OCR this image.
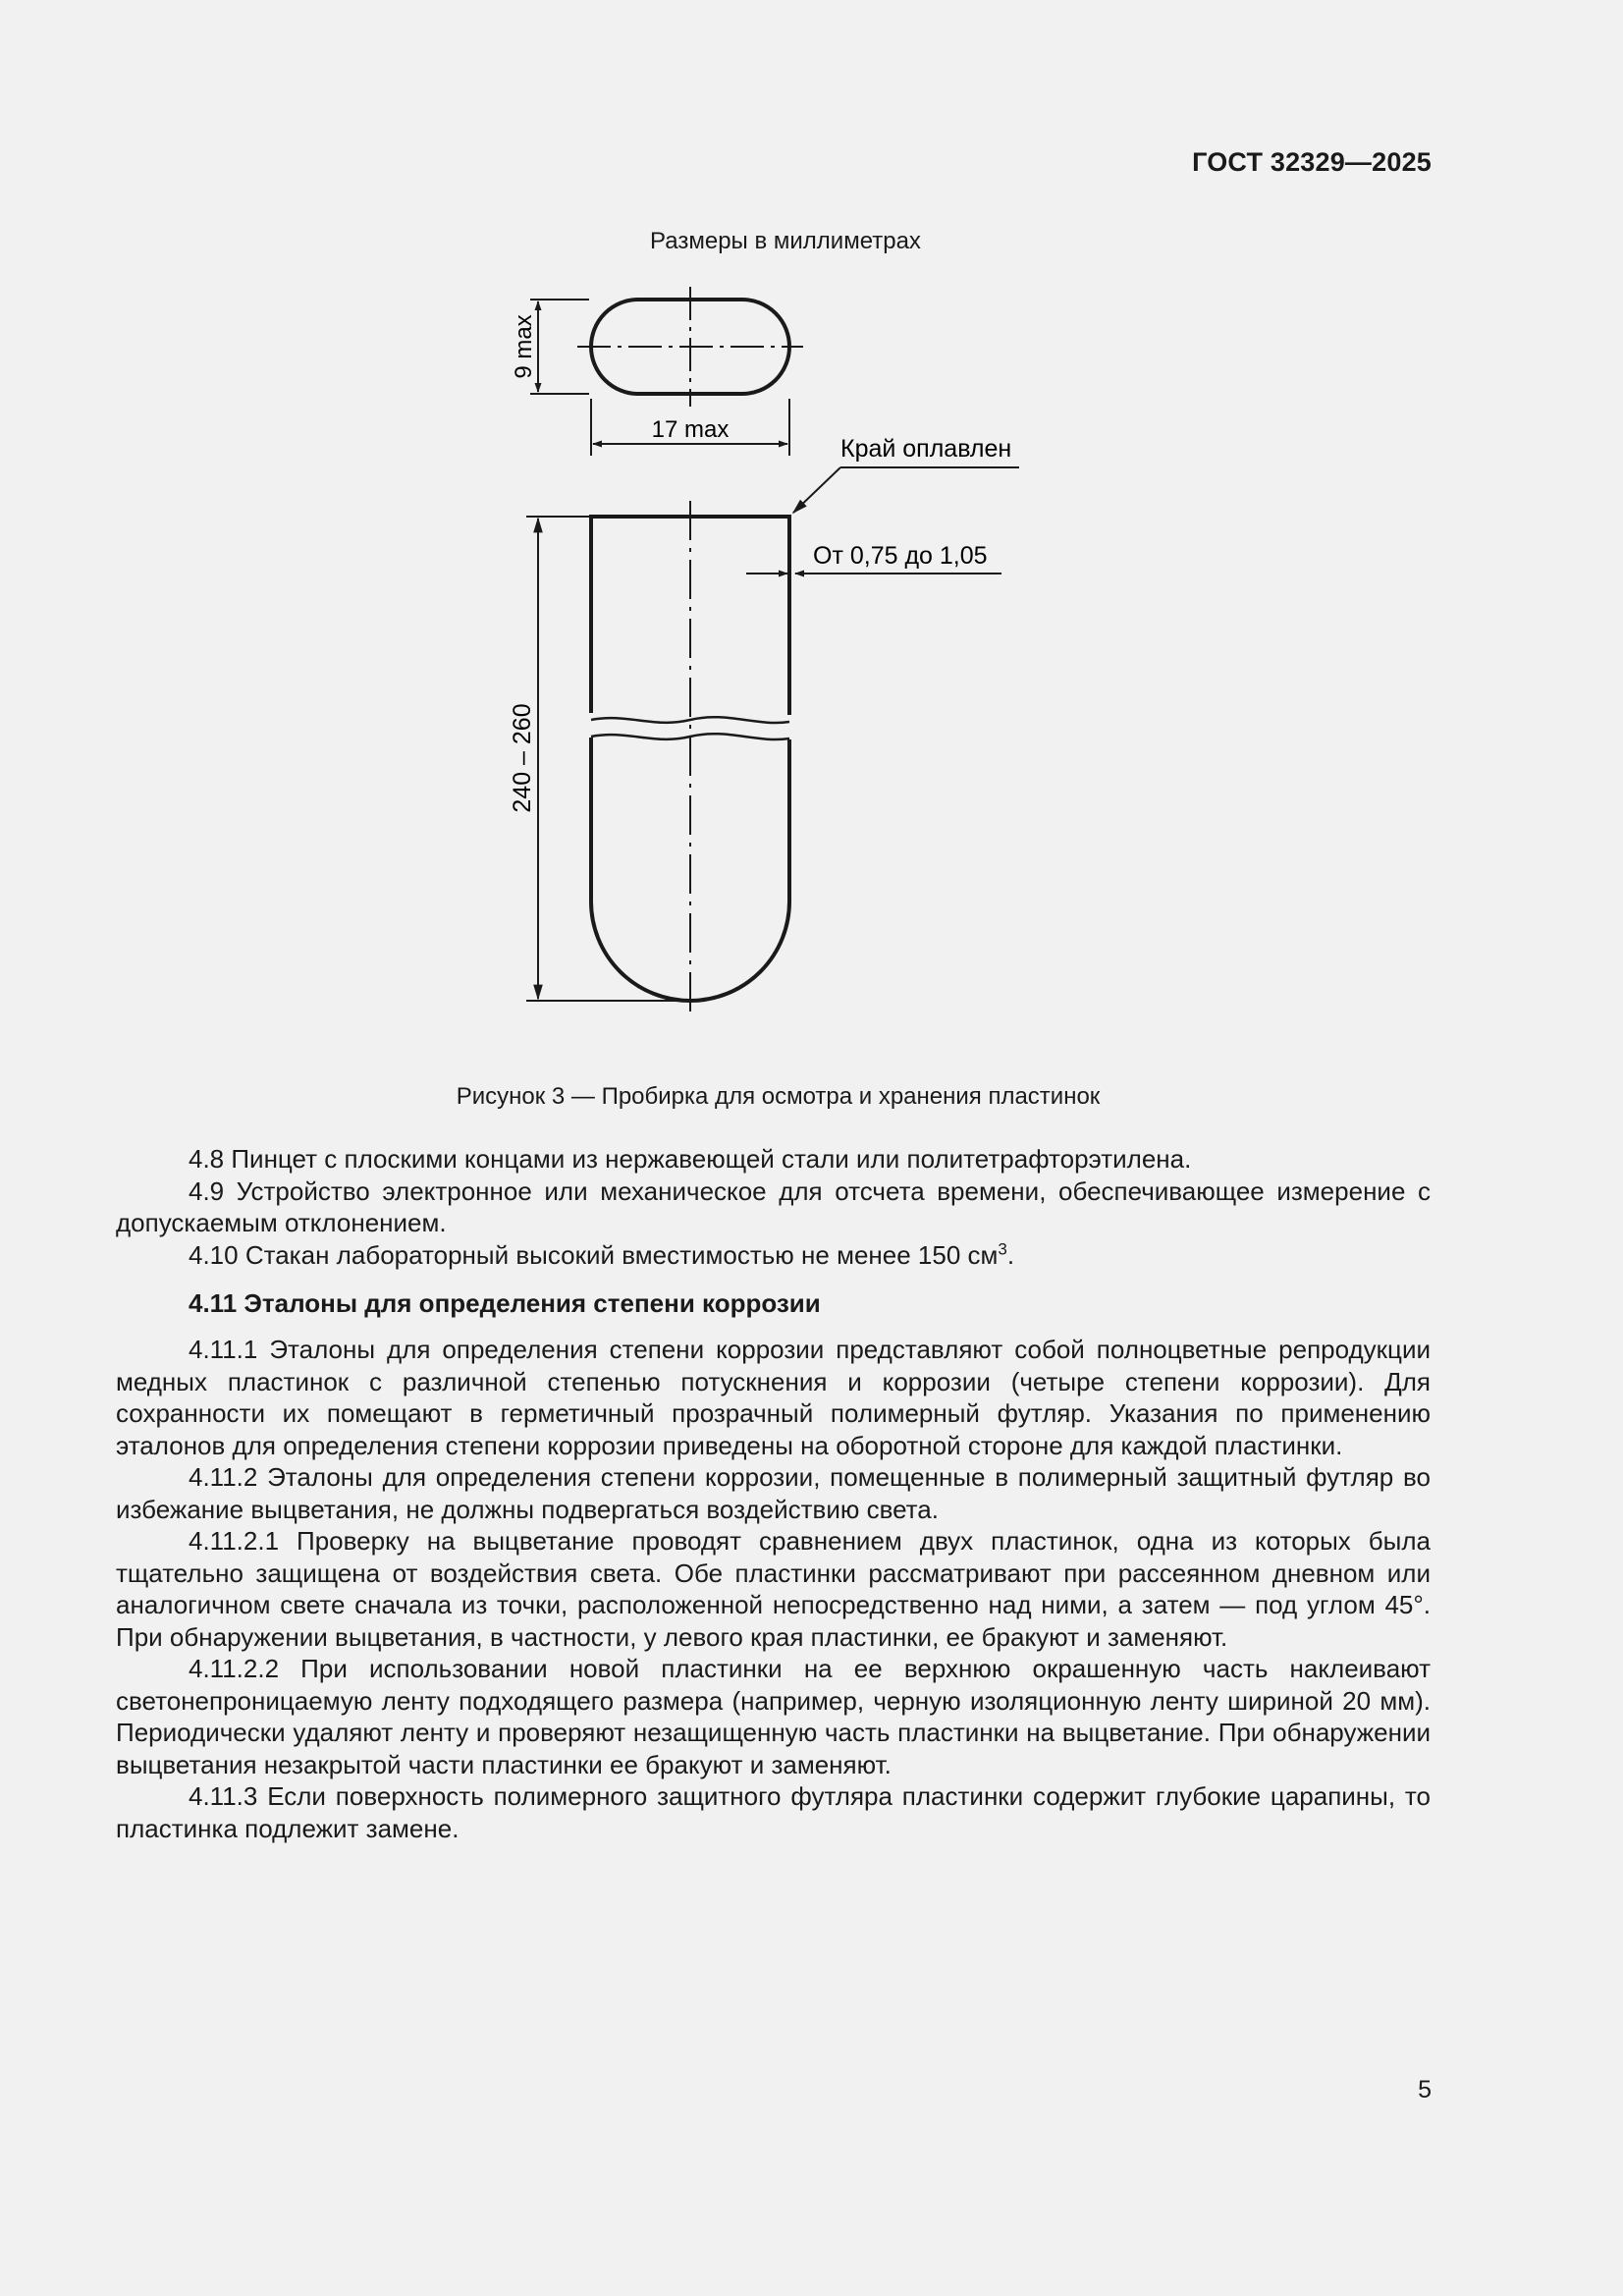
ГОСТ 32329—2025
Размеры в миллиметрах
9 max
17 max
240 – 260
Край оплавлен
От 0,75 до 1,05
Рисунок 3 — Пробирка для осмотра и хранения пластинок

4.8 Пинцет с плоскими концами из нержавеющей стали или политетрафторэтилена.

4.9 Устройство электронное или механическое для отсчета времени, обеспечивающее измерение с допускаемым отклонением.

4.10 Стакан лабораторный высокий вместимостью не менее 150 $см^3$.

4.11 Эталоны для определения степени коррозии

4.11.1 Эталоны для определения степени коррозии представляют собой полноцветные репродукции медных пластинок с различной степенью потускнения и коррозии (четыре степени коррозии). Для сохранности их помещают в герметичный прозрачный полимерный футляр. Указания по применению эталонов для определения степени коррозии приведены на оборотной стороне для каждой пластинки.

4.11.2 Эталоны для определения степени коррозии, помещенные в полимерный защитный футляр во избежание выцветания, не должны подвергаться воздействию света.

4.11.2.1 Проверку на выцветание проводят сравнением двух пластинок, одна из которых была тщательно защищена от воздействия света. Обе пластинки рассматривают при рассеянном дневном или аналогичном свете сначала из точки, расположенной непосредственно над ними, а затем — под углом 45°. При обнаружении выцветания, в частности, у левого края пластинки, ее бракуют и заменяют.

4.11.2.2 При использовании новой пластинки на ее верхнюю окрашенную часть наклеивают светонепроницаемую ленту подходящего размера (например, черную изоляционную ленту шириной 20 мм). Периодически удаляют ленту и проверяют незащищенную часть пластинки на выцветание. При обнаружении выцветания незакрытой части пластинки ее бракуют и заменяют.

4.11.3 Если поверхность полимерного защитного футляра пластинки содержит глубокие царапины, то пластинка подлежит замене.

5
